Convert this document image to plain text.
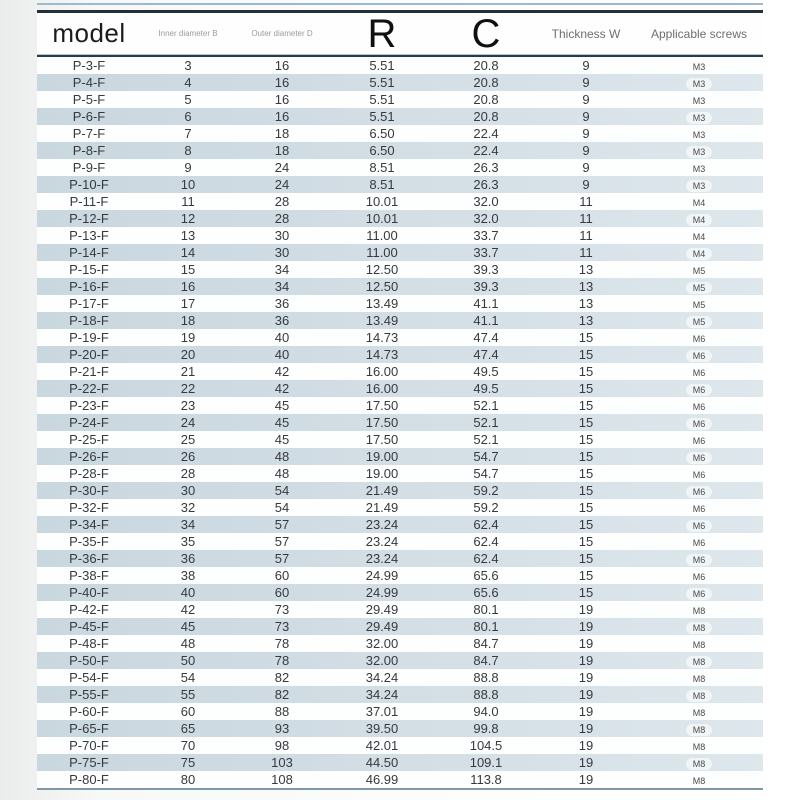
model	Inner diameter B	Outer diameter D	R	C	Thickness W	Applicable screws
P-3-F	3	16	5.51	20.8	9	M3
P-4-F	4	16	5.51	20.8	9	M3
P-5-F	5	16	5.51	20.8	9	M3
P-6-F	6	16	5.51	20.8	9	M3
P-7-F	7	18	6.50	22.4	9	M3
P-8-F	8	18	6.50	22.4	9	M3
P-9-F	9	24	8.51	26.3	9	M3
P-10-F	10	24	8.51	26.3	9	M3
P-11-F	11	28	10.01	32.0	11	M4
P-12-F	12	28	10.01	32.0	11	M4
P-13-F	13	30	11.00	33.7	11	M4
P-14-F	14	30	11.00	33.7	11	M4
P-15-F	15	34	12.50	39.3	13	M5
P-16-F	16	34	12.50	39.3	13	M5
P-17-F	17	36	13.49	41.1	13	M5
P-18-F	18	36	13.49	41.1	13	M5
P-19-F	19	40	14.73	47.4	15	M6
P-20-F	20	40	14.73	47.4	15	M6
P-21-F	21	42	16.00	49.5	15	M6
P-22-F	22	42	16.00	49.5	15	M6
P-23-F	23	45	17.50	52.1	15	M6
P-24-F	24	45	17.50	52.1	15	M6
P-25-F	25	45	17.50	52.1	15	M6
P-26-F	26	48	19.00	54.7	15	M6
P-28-F	28	48	19.00	54.7	15	M6
P-30-F	30	54	21.49	59.2	15	M6
P-32-F	32	54	21.49	59.2	15	M6
P-34-F	34	57	23.24	62.4	15	M6
P-35-F	35	57	23.24	62.4	15	M6
P-36-F	36	57	23.24	62.4	15	M6
P-38-F	38	60	24.99	65.6	15	M6
P-40-F	40	60	24.99	65.6	15	M6
P-42-F	42	73	29.49	80.1	19	M8
P-45-F	45	73	29.49	80.1	19	M8
P-48-F	48	78	32.00	84.7	19	M8
P-50-F	50	78	32.00	84.7	19	M8
P-54-F	54	82	34.24	88.8	19	M8
P-55-F	55	82	34.24	88.8	19	M8
P-60-F	60	88	37.01	94.0	19	M8
P-65-F	65	93	39.50	99.8	19	M8
P-70-F	70	98	42.01	104.5	19	M8
P-75-F	75	103	44.50	109.1	19	M8
P-80-F	80	108	46.99	113.8	19	M8
